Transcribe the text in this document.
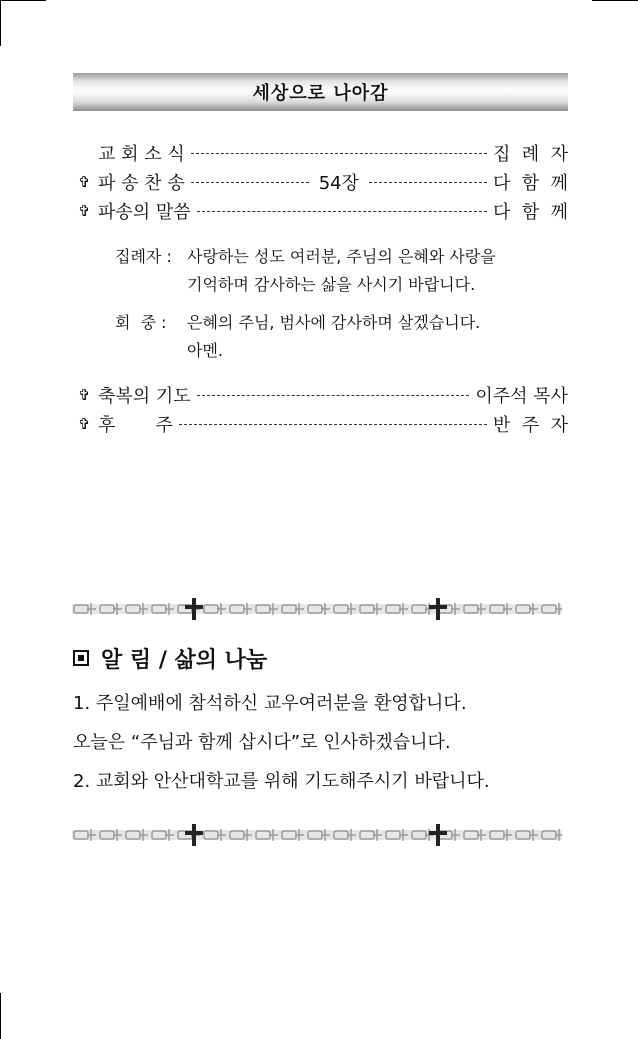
세상으로 나아감
교 회 소 식	집  례  자
✞ 파 송 찬 송	54장	다  함  께
✞ 파송의 말씀	다  함  께
집례자 : 사랑하는 성도 여러분, 주님의 은혜와 사랑을
기억하며 감사하는 삶을 사시기 바랍니다.
회  중 :	은혜의 주님, 범사에 감사하며 살겠습니다.
아멘.
✞ 축복의 기도	이주석 목사
✞ 후       주	반  주  자
알 림 / 삶의 나눔
1. 주일예배에 참석하신 교우여러분을 환영합니다.
오늘은 “주님과 함께 삽시다”로 인사하겠습니다.
2. 교회와 안산대학교를 위해 기도해주시기 바랍니다.
